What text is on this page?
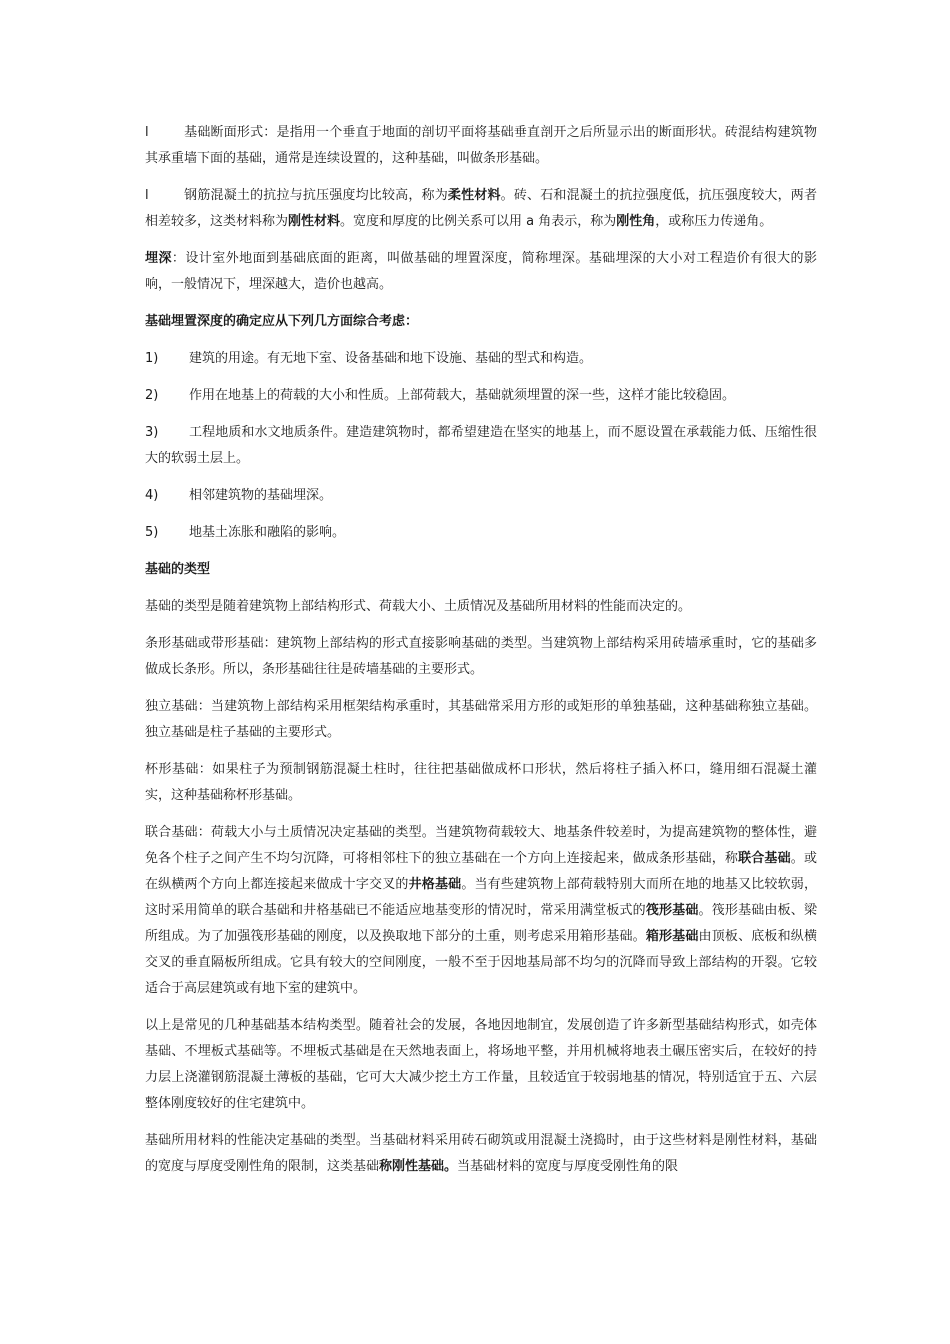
l	基础断面形式：是指用一个垂直于地面的剖切平面将基础垂直剖开之后所显示出的断面形状。砖混结构建筑物其承重墙下面的基础，通常是连续设置的，这种基础，叫做条形基础。

l	钢筋混凝土的抗拉与抗压强度均比较高，称为柔性材料。砖、石和混凝土的抗拉强度低，抗压强度较大，两者相差较多，这类材料称为刚性材料。宽度和厚度的比例关系可以用 a 角表示，称为刚性角，或称压力传递角。

埋深：设计室外地面到基础底面的距离，叫做基础的埋置深度，简称埋深。基础埋深的大小对工程造价有很大的影响，一般情况下，埋深越大，造价也越高。

基础埋置深度的确定应从下列几方面综合考虑：

1) 建筑的用途。有无地下室、设备基础和地下设施、基础的型式和构造。

2) 作用在地基上的荷载的大小和性质。上部荷载大，基础就须埋置的深一些，这样才能比较稳固。

3) 工程地质和水文地质条件。建造建筑物时，都希望建造在坚实的地基上，而不愿设置在承载能力低、压缩性很大的软弱土层上。

4) 相邻建筑物的基础埋深。

5) 地基土冻胀和融陷的影响。

基础的类型

基础的类型是随着建筑物上部结构形式、荷载大小、土质情况及基础所用材料的性能而决定的。

条形基础或带形基础：建筑物上部结构的形式直接影响基础的类型。当建筑物上部结构采用砖墙承重时，它的基础多做成长条形。所以，条形基础往往是砖墙基础的主要形式。

独立基础：当建筑物上部结构采用框架结构承重时，其基础常采用方形的或矩形的单独基础，这种基础称独立基础。独立基础是柱子基础的主要形式。

杯形基础：如果柱子为预制钢筋混凝土柱时，往往把基础做成杯口形状，然后将柱子插入杯口，缝用细石混凝土灌实，这种基础称杯形基础。

联合基础：荷载大小与土质情况决定基础的类型。当建筑物荷载较大、地基条件较差时，为提高建筑物的整体性，避免各个柱子之间产生不均匀沉降，可将相邻柱下的独立基础在一个方向上连接起来，做成条形基础，称联合基础。或在纵横两个方向上都连接起来做成十字交叉的井格基础。当有些建筑物上部荷载特别大而所在地的地基又比较软弱，这时采用简单的联合基础和井格基础已不能适应地基变形的情况时，常采用满堂板式的筏形基础。筏形基础由板、梁所组成。为了加强筏形基础的刚度，以及换取地下部分的土重，则考虑采用箱形基础。箱形基础由顶板、底板和纵横交叉的垂直隔板所组成。它具有较大的空间刚度，一般不至于因地基局部不均匀的沉降而导致上部结构的开裂。它较适合于高层建筑或有地下室的建筑中。

以上是常见的几种基础基本结构类型。随着社会的发展，各地因地制宜，发展创造了许多新型基础结构形式，如壳体基础、不埋板式基础等。不埋板式基础是在天然地表面上，将场地平整，并用机械将地表土碾压密实后，在较好的持力层上浇灌钢筋混凝土薄板的基础，它可大大减少挖土方工作量，且较适宜于较弱地基的情况，特别适宜于五、六层整体刚度较好的住宅建筑中。

基础所用材料的性能决定基础的类型。当基础材料采用砖石砌筑或用混凝土浇捣时，由于这些材料是刚性材料，基础的宽度与厚度受刚性角的限制，这类基础称刚性基础。当基础材料的宽度与厚度受刚性角的限
